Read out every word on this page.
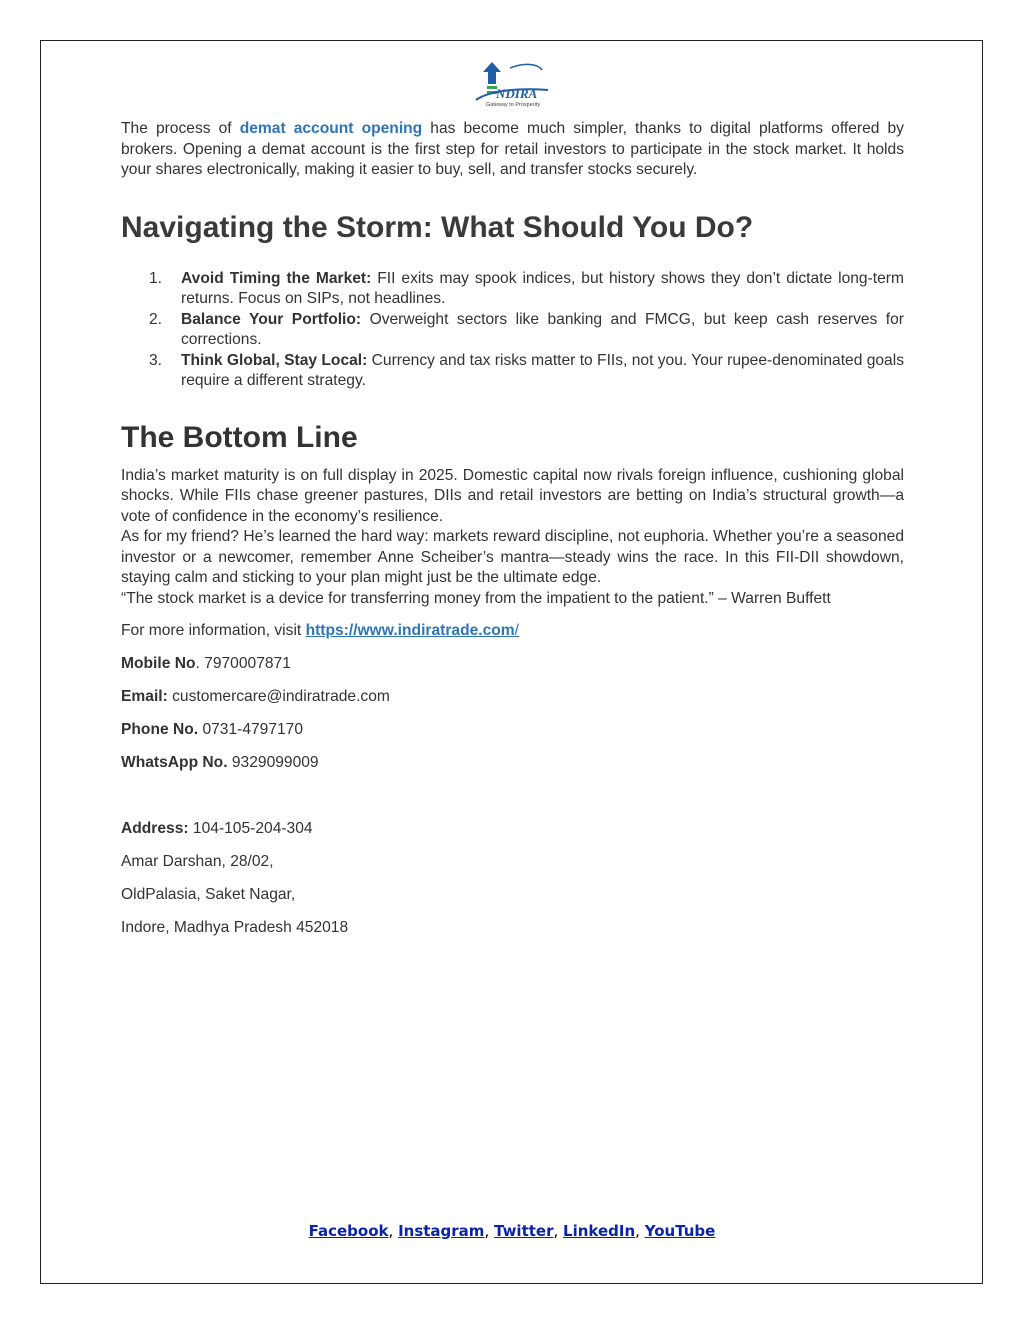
NDIRA
Gateway to Prosperity

The process of demat account opening has become much simpler, thanks to digital platforms offered by brokers. Opening a demat account is the first step for retail investors to participate in the stock market. It holds your shares electronically, making it easier to buy, sell, and transfer stocks securely.

Navigating the Storm: What Should You Do?
1. Avoid Timing the Market: FII exits may spook indices, but history shows they don’t dictate long-term returns. Focus on SIPs, not headlines.
2. Balance Your Portfolio: Overweight sectors like banking and FMCG, but keep cash reserves for corrections.
3. Think Global, Stay Local: Currency and tax risks matter to FIIs, not you. Your rupee-denominated goals require a different strategy.
The Bottom Line

India’s market maturity is on full display in 2025. Domestic capital now rivals foreign influence, cushioning global shocks. While FIIs chase greener pastures, DIIs and retail investors are betting on India’s structural growth—a vote of confidence in the economy’s resilience.

As for my friend? He’s learned the hard way: markets reward discipline, not euphoria. Whether you’re a seasoned investor or a newcomer, remember Anne Scheiber’s mantra—steady wins the race. In this FII-DII showdown, staying calm and sticking to your plan might just be the ultimate edge.

“The stock market is a device for transferring money from the impatient to the patient.” – Warren Buffett

For more information, visit https://www.indiratrade.com/

Mobile No. 7970007871

Email: customercare@indiratrade.com

Phone No. 0731-4797170

WhatsApp No. 9329099009

Address: 104-105-204-304

Amar Darshan, 28/02,

OldPalasia, Saket Nagar,

Indore, Madhya Pradesh 452018

Facebook, Instagram, Twitter, LinkedIn, YouTube
